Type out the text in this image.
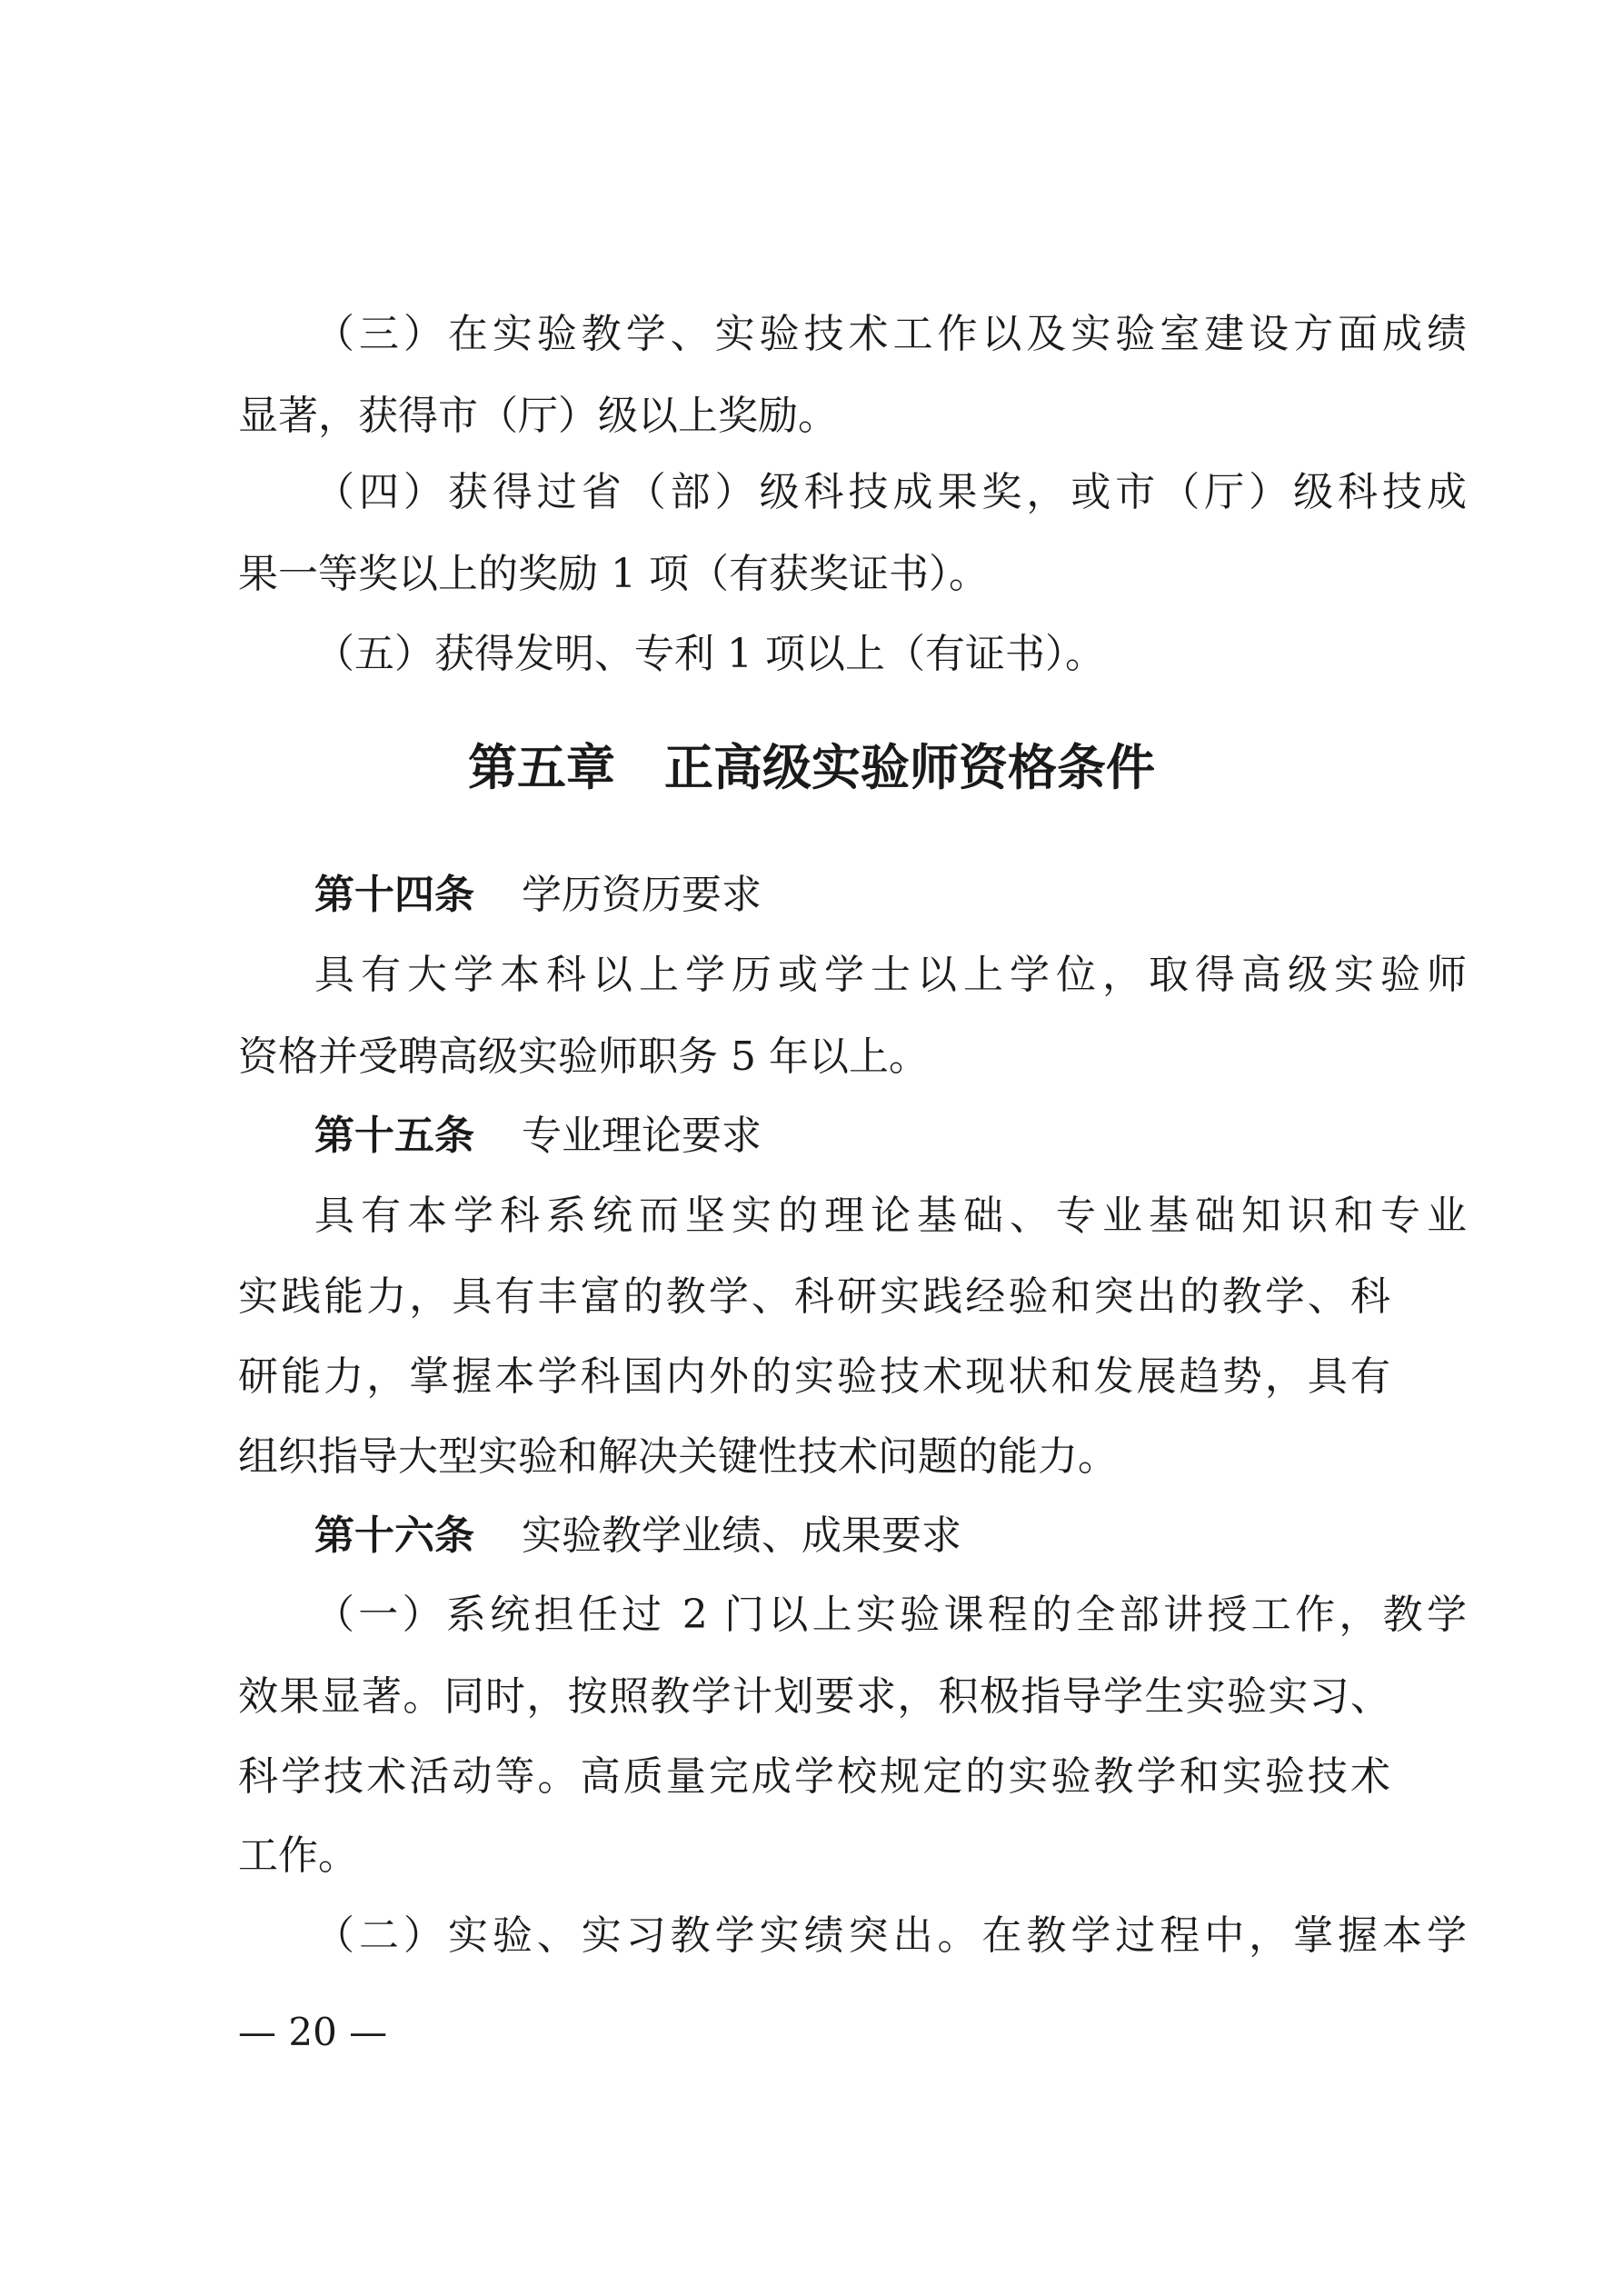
（三）在实验教学、实验技术工作以及实验室建设方面成绩
显著，获得市（厅）级以上奖励。
（四）获得过省（部）级科技成果奖，或市（厅）级科技成
果一等奖以上的奖励 1 项（有获奖证书）。
（五）获得发明、专利 1 项以上（有证书）。
第五章　正高级实验师资格条件
第十四条 学历资历要求
具有大学本科以上学历或学士以上学位，取得高级实验师
资格并受聘高级实验师职务 5 年以上。
第十五条 专业理论要求
具有本学科系统而坚实的理论基础、专业基础知识和专业
实践能力，具有丰富的教学、科研实践经验和突出的教学、科
研能力，掌握本学科国内外的实验技术现状和发展趋势，具有
组织指导大型实验和解决关键性技术问题的能力。
第十六条 实验教学业绩、成果要求
（一）系统担任过 2 门以上实验课程的全部讲授工作，教学
效果显著。同时，按照教学计划要求，积极指导学生实验实习、
科学技术活动等。高质量完成学校规定的实验教学和实验技术
工作。
（二）实验、实习教学实绩突出。在教学过程中，掌握本学
— 20 —
